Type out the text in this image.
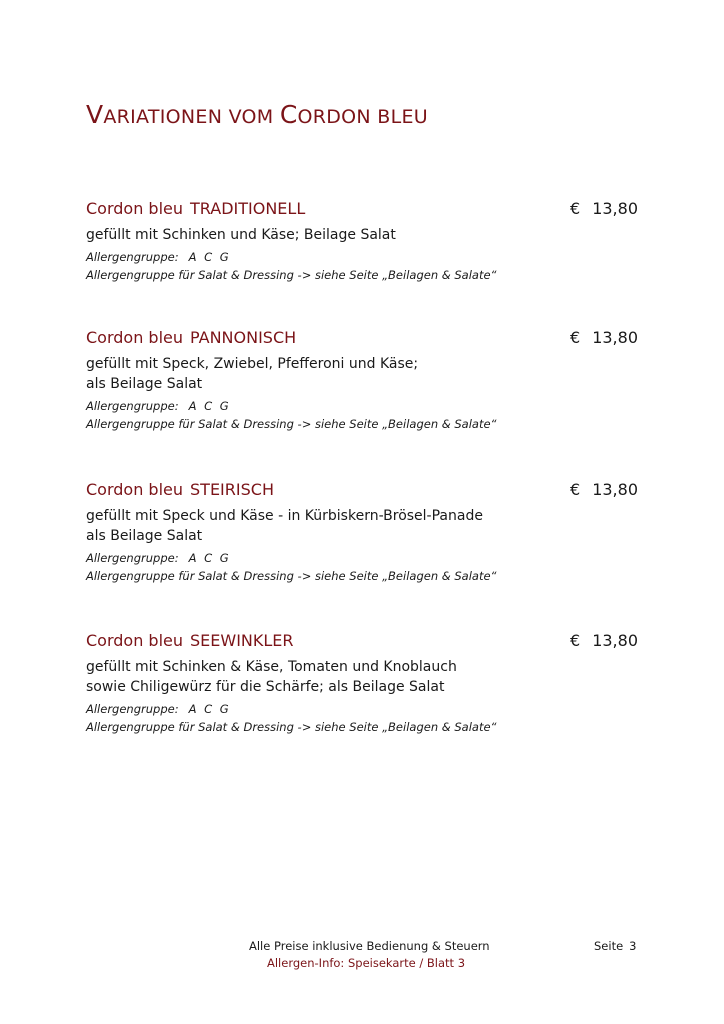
VARIATIONEN VOM CORDON BLEU
Cordon bleu TRADITIONELL	€ 13,80
gefüllt mit Schinken und Käse; Beilage Salat
Allergengruppe: A C G
Allergengruppe für Salat & Dressing -> siehe Seite „Beilagen & Salate“
Cordon bleu PANNONISCH	€ 13,80
gefüllt mit Speck, Zwiebel, Pfefferoni und Käse;
als Beilage Salat
Allergengruppe: A C G
Allergengruppe für Salat & Dressing -> siehe Seite „Beilagen & Salate“
Cordon bleu STEIRISCH	€ 13,80
gefüllt mit Speck und Käse - in Kürbiskern-Brösel-Panade
als Beilage Salat
Allergengruppe: A C G
Allergengruppe für Salat & Dressing -> siehe Seite „Beilagen & Salate“
Cordon bleu SEEWINKLER	€ 13,80
gefüllt mit Schinken & Käse, Tomaten und Knoblauch
sowie Chiligewürz für die Schärfe; als Beilage Salat
Allergengruppe: A C G
Allergengruppe für Salat & Dressing -> siehe Seite „Beilagen & Salate“
Alle Preise inklusive Bedienung & Steuern
Allergen-Info: Speisekarte / Blatt 3
Seite 3
